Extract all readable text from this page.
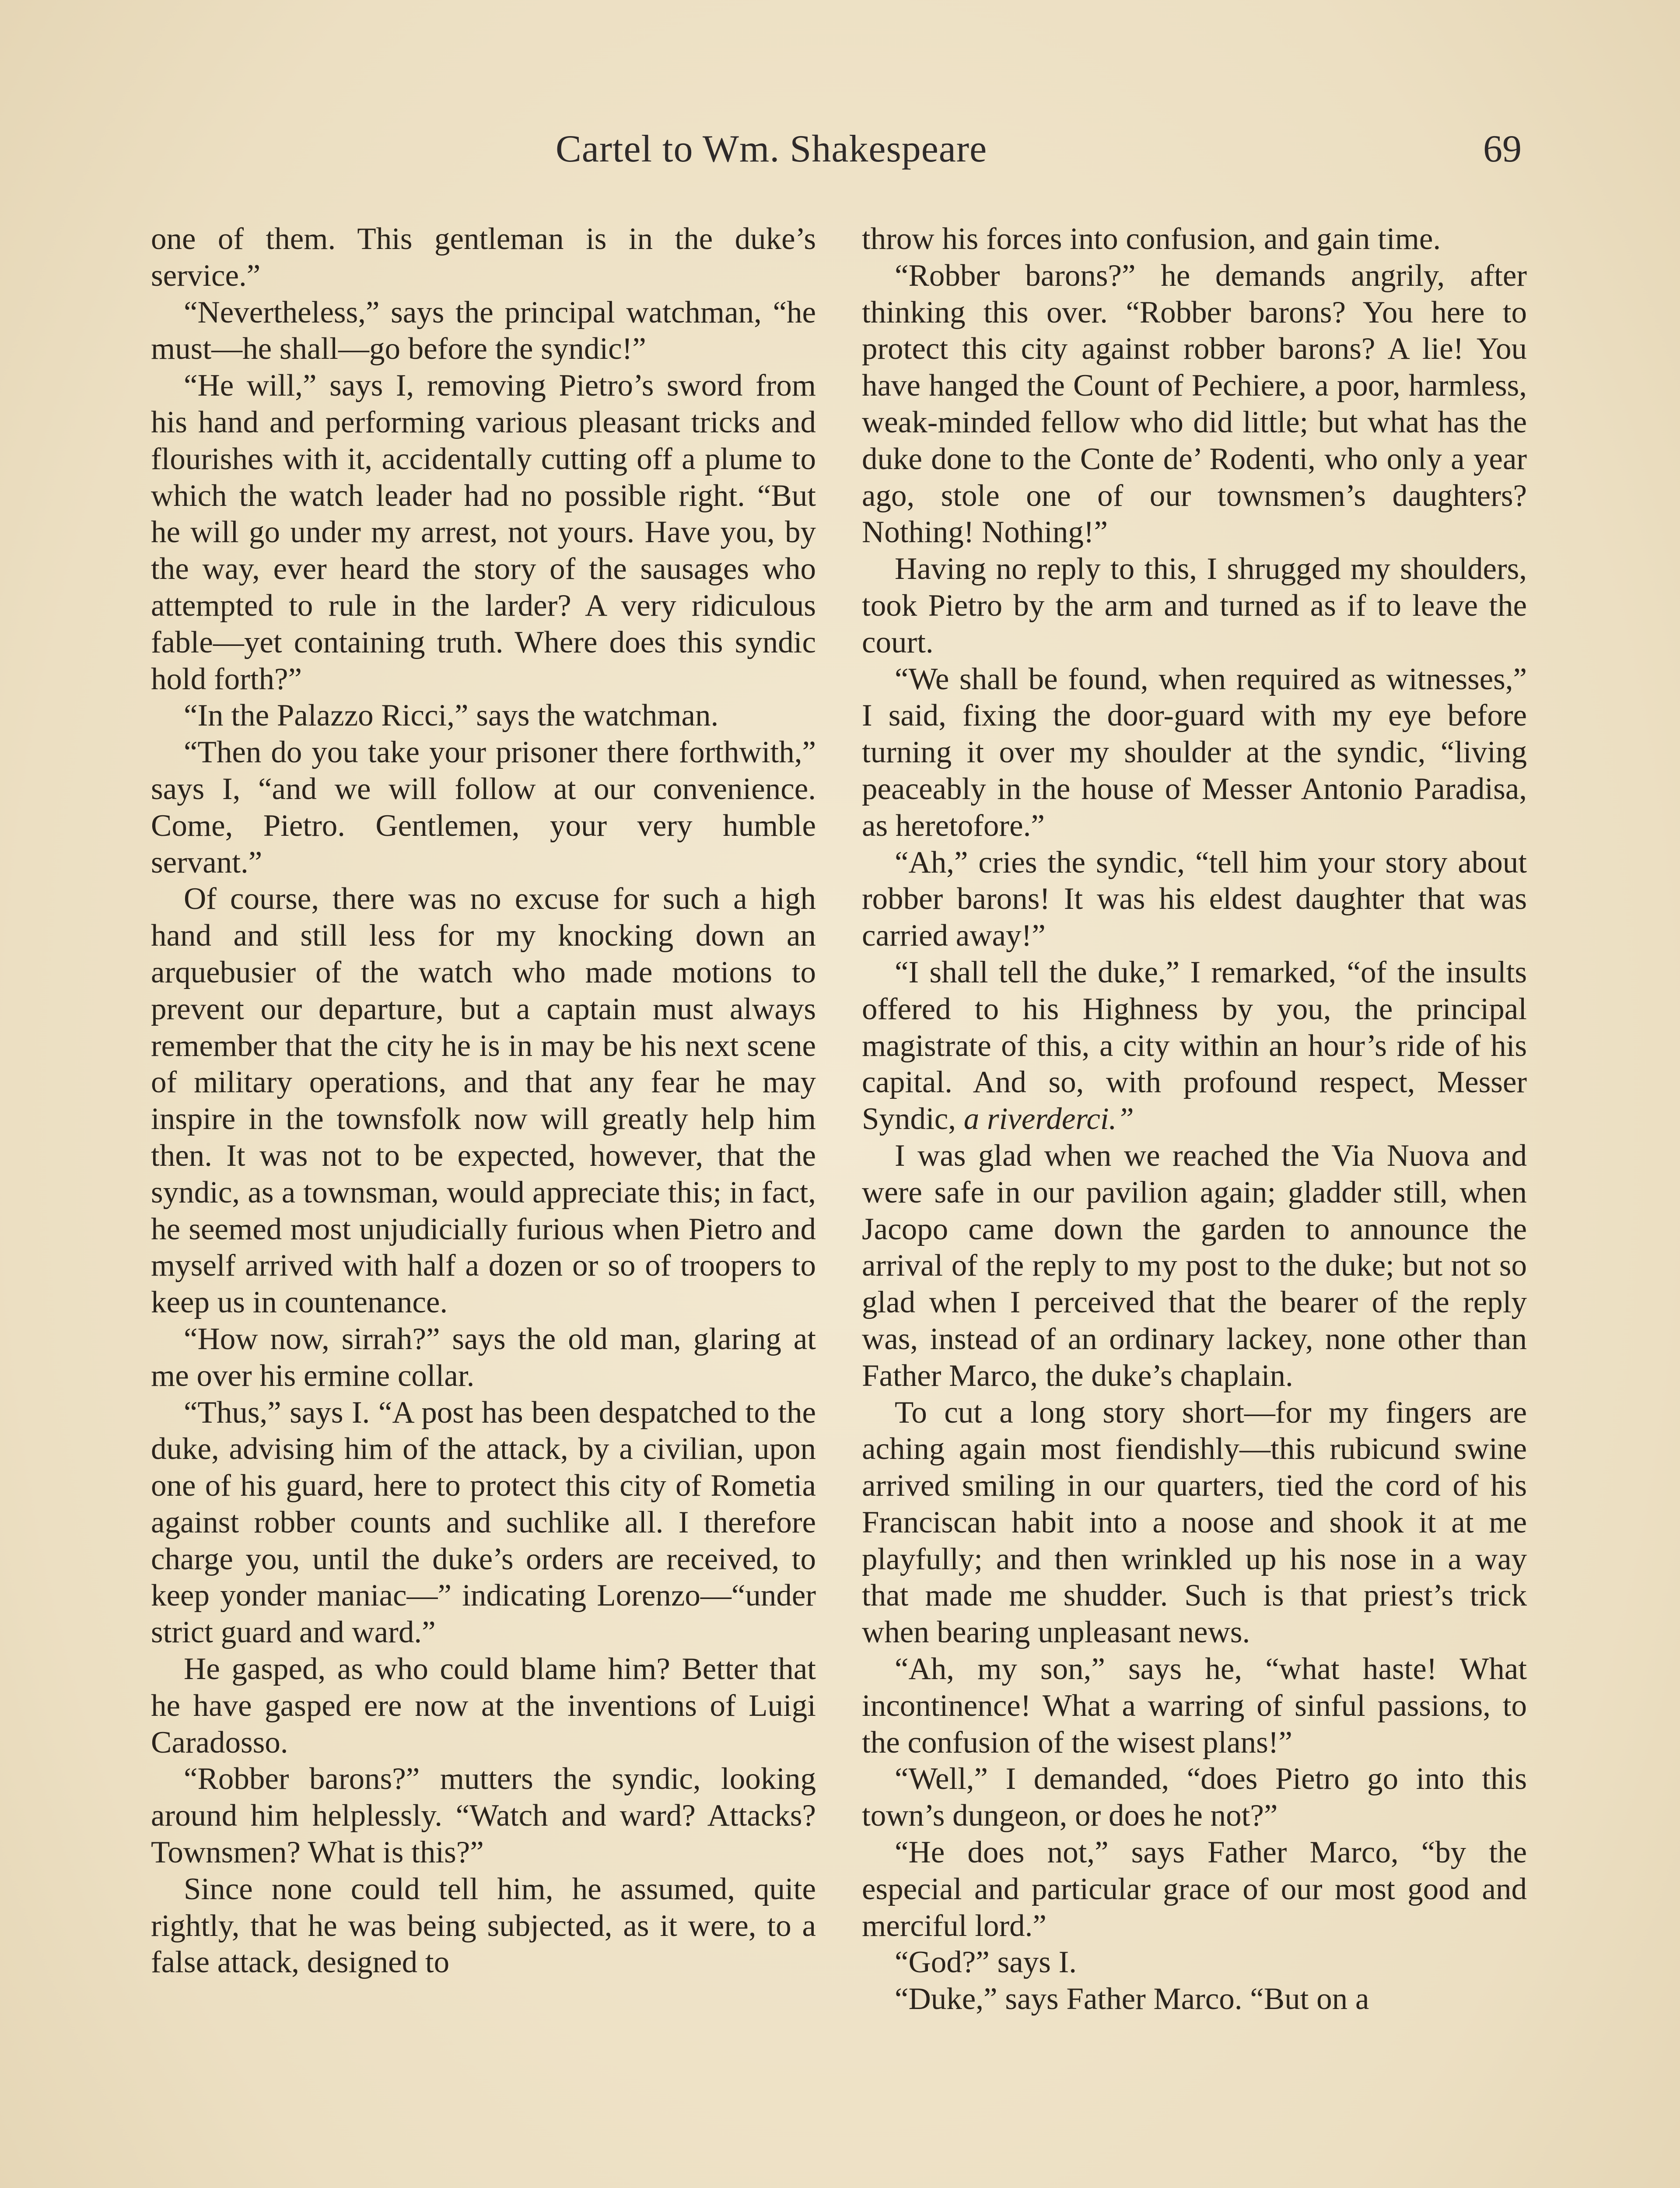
Cartel to Wm. Shakespeare	69

one of them. This gentleman is in the duke’s service.”

“Nevertheless,” says the principal watchman, “he must—he shall—go before the syndic!”

“He will,” says I, removing Pietro’s sword from his hand and performing various pleasant tricks and flourishes with it, accidentally cutting off a plume to which the watch leader had no possible right. “But he will go under my arrest, not yours. Have you, by the way, ever heard the story of the sausages who attempted to rule in the larder? A very ridiculous fable—yet containing truth. Where does this syndic hold forth?”

“In the Palazzo Ricci,” says the watchman.

“Then do you take your prisoner there forthwith,” says I, “and we will follow at our convenience. Come, Pietro. Gentlemen, your very humble servant.”

Of course, there was no excuse for such a high hand and still less for my knocking down an arquebusier of the watch who made motions to prevent our departure, but a captain must always remember that the city he is in may be his next scene of military operations, and that any fear he may inspire in the townsfolk now will greatly help him then. It was not to be expected, however, that the syndic, as a townsman, would appreciate this; in fact, he seemed most unjudicially furious when Pietro and myself arrived with half a dozen or so of troopers to keep us in countenance.

“How now, sirrah?” says the old man, glaring at me over his ermine collar.

“Thus,” says I. “A post has been despatched to the duke, advising him of the attack, by a civilian, upon one of his guard, here to protect this city of Rometia against robber counts and suchlike all. I therefore charge you, until the duke’s orders are received, to keep yonder maniac—” indicating Lorenzo—“under strict guard and ward.”

He gasped, as who could blame him? Better that he have gasped ere now at the inventions of Luigi Caradosso.

“Robber barons?” mutters the syndic, looking around him helplessly. “Watch and ward? Attacks? Townsmen? What is this?”

Since none could tell him, he assumed, quite rightly, that he was being subjected, as it were, to a false attack, designed to

throw his forces into confusion, and gain time.

“Robber barons?” he demands angrily, after thinking this over. “Robber barons? You here to protect this city against robber barons? A lie! You have hanged the Count of Pechiere, a poor, harmless, weak-minded fellow who did little; but what has the duke done to the Conte de’ Rodenti, who only a year ago, stole one of our townsmen’s daughters? Nothing! Nothing!”

Having no reply to this, I shrugged my shoulders, took Pietro by the arm and turned as if to leave the court.

“We shall be found, when required as witnesses,” I said, fixing the door-guard with my eye before turning it over my shoulder at the syndic, “living peaceably in the house of Messer Antonio Paradisa, as heretofore.”

“Ah,” cries the syndic, “tell him your story about robber barons! It was his eldest daughter that was carried away!”

“I shall tell the duke,” I remarked, “of the insults offered to his Highness by you, the principal magistrate of this, a city within an hour’s ride of his capital. And so, with profound respect, Messer Syndic, a riverderci.”

I was glad when we reached the Via Nuova and were safe in our pavilion again; gladder still, when Jacopo came down the garden to announce the arrival of the reply to my post to the duke; but not so glad when I perceived that the bearer of the reply was, instead of an ordinary lackey, none other than Father Marco, the duke’s chaplain.

To cut a long story short—for my fingers are aching again most fiendishly—this rubicund swine arrived smiling in our quarters, tied the cord of his Franciscan habit into a noose and shook it at me playfully; and then wrinkled up his nose in a way that made me shudder. Such is that priest’s trick when bearing unpleasant news.

“Ah, my son,” says he, “what haste! What incontinence! What a warring of sinful passions, to the confusion of the wisest plans!”

“Well,” I demanded, “does Pietro go into this town’s dungeon, or does he not?”

“He does not,” says Father Marco, “by the especial and particular grace of our most good and merciful lord.”

“God?” says I.

“Duke,” says Father Marco. “But on a
